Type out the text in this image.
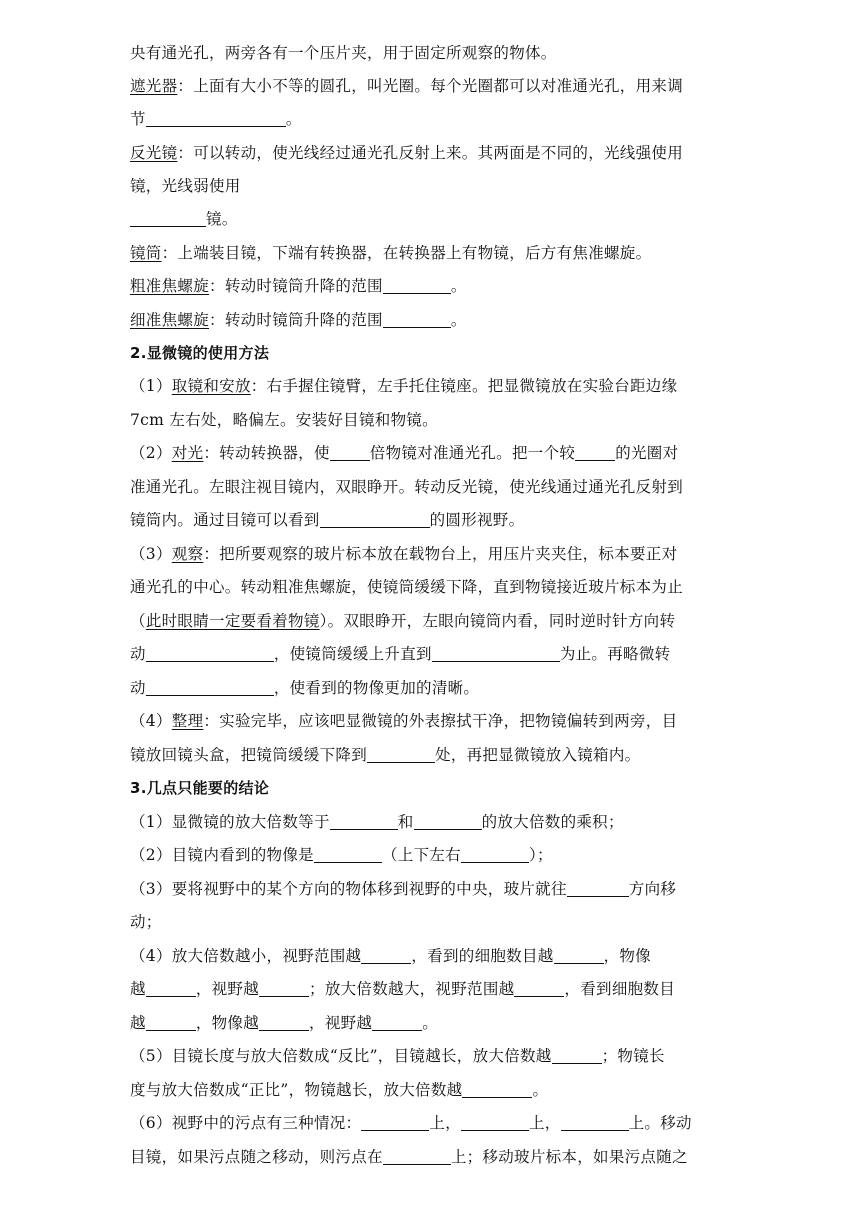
央有通光孔，两旁各有一个压片夹，用于固定所观察的物体。
遮光器：上面有大小不等的圆孔，叫光圈。每个光圈都可以对准通光孔，用来调
节	。
反光镜：可以转动，使光线经过通光孔反射上来。其两面是不同的，光线强使用
镜，光线弱使用
镜。
镜筒：上端装目镜，下端有转换器，在转换器上有物镜，后方有焦准螺旋。
粗准焦螺旋：转动时镜筒升降的范围	。
细准焦螺旋：转动时镜筒升降的范围	。
2.显微镜的使用方法
（1）取镜和安放：右手握住镜臂，左手托住镜座。把显微镜放在实验台距边缘
7cm 左右处，略偏左。安装好目镜和物镜。
（2）对光：转动转换器，使	倍物镜对准通光孔。把一个较	的光圈对
准通光孔。左眼注视目镜内，双眼睁开。转动反光镜，使光线通过通光孔反射到
镜筒内。通过目镜可以看到	的圆形视野。
（3）观察：把所要观察的玻片标本放在载物台上，用压片夹夹住，标本要正对
通光孔的中心。转动粗准焦螺旋，使镜筒缓缓下降，直到物镜接近玻片标本为止
（此时眼睛一定要看着物镜）。双眼睁开，左眼向镜筒内看，同时逆时针方向转
动	，使镜筒缓缓上升直到	为止。再略微转
动	，使看到的物像更加的清晰。
（4）整理：实验完毕，应该吧显微镜的外表擦拭干净，把物镜偏转到两旁，目
镜放回镜头盒，把镜筒缓缓下降到	处，再把显微镜放入镜箱内。
3.几点只能要的结论
（1）显微镜的放大倍数等于	和	的放大倍数的乘积；
（2）目镜内看到的物像是	（上下左右	）；
（3）要将视野中的某个方向的物体移到视野的中央，玻片就往	方向移
动；
（4）放大倍数越小，视野范围越	，看到的细胞数目越	，物像
越	，视野越	；放大倍数越大，视野范围越	，看到细胞数目
越	，物像越	，视野越	。
（5）目镜长度与放大倍数成“反比”，目镜越长，放大倍数越	；物镜长
度与放大倍数成“正比”，物镜越长，放大倍数越	。
（6）视野中的污点有三种情况：	上，	上，	上。移动
目镜，如果污点随之移动，则污点在	上；移动玻片标本，如果污点随之
